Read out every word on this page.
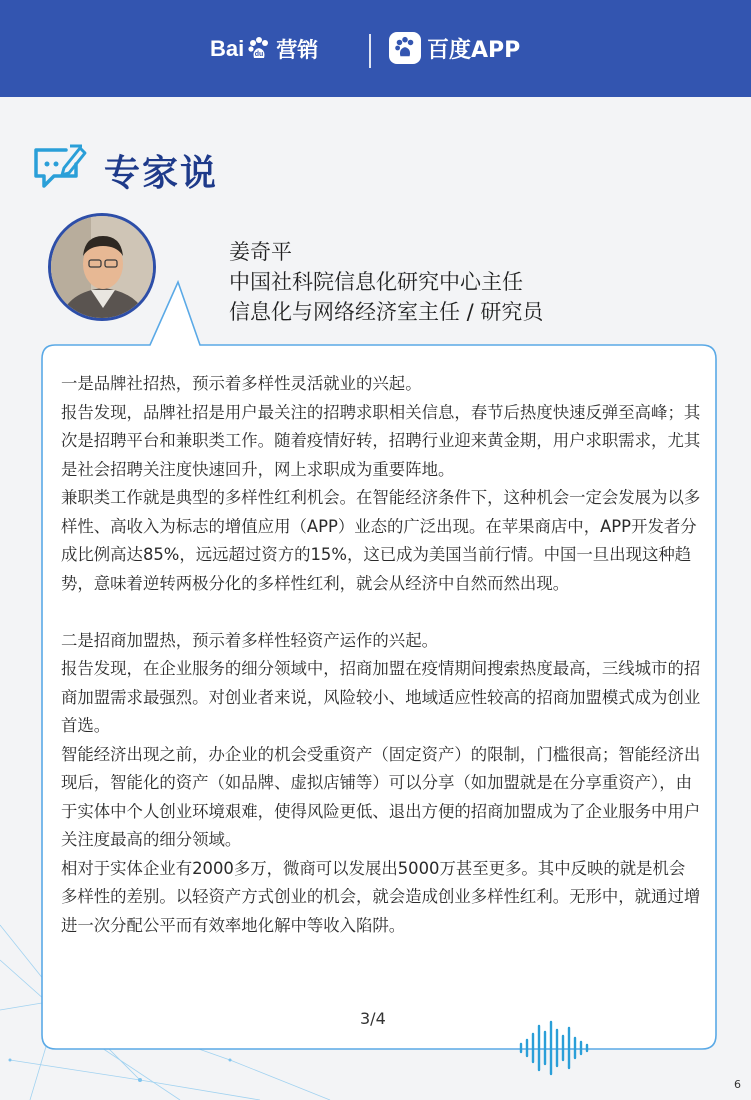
Bai du 营销	百度APP
专家说
姜奇平
中国社科院信息化研究中心主任
信息化与网络经济室主任 / 研究员

一是品牌社招热，预示着多样性灵活就业的兴起。

报告发现，品牌社招是用户最关注的招聘求职相关信息，春节后热度快速反弹至高峰；其次是招聘平台和兼职类工作。随着疫情好转，招聘行业迎来黄金期，用户求职需求，尤其是社会招聘关注度快速回升，网上求职成为重要阵地。

兼职类工作就是典型的多样性红利机会。在智能经济条件下，这种机会一定会发展为以多样性、高收入为标志的增值应用（APP）业态的广泛出现。在苹果商店中，APP开发者分成比例高达85%，远远超过资方的15%，这已成为美国当前行情。中国一旦出现这种趋势，意味着逆转两极分化的多样性红利，就会从经济中自然而然出现。

二是招商加盟热，预示着多样性轻资产运作的兴起。

报告发现，在企业服务的细分领域中，招商加盟在疫情期间搜索热度最高，三线城市的招商加盟需求最强烈。对创业者来说，风险较小、地域适应性较高的招商加盟模式成为创业首选。

智能经济出现之前，办企业的机会受重资产（固定资产）的限制，门槛很高；智能经济出现后，智能化的资产（如品牌、虚拟店铺等）可以分享（如加盟就是在分享重资产），由于实体中个人创业环境艰难，使得风险更低、退出方便的招商加盟成为了企业服务中用户关注度最高的细分领域。

相对于实体企业有2000多万，微商可以发展出5000万甚至更多。其中反映的就是机会多样性的差别。以轻资产方式创业的机会，就会造成创业多样性红利。无形中，就通过增进一次分配公平而有效率地化解中等收入陷阱。

3/4
6
